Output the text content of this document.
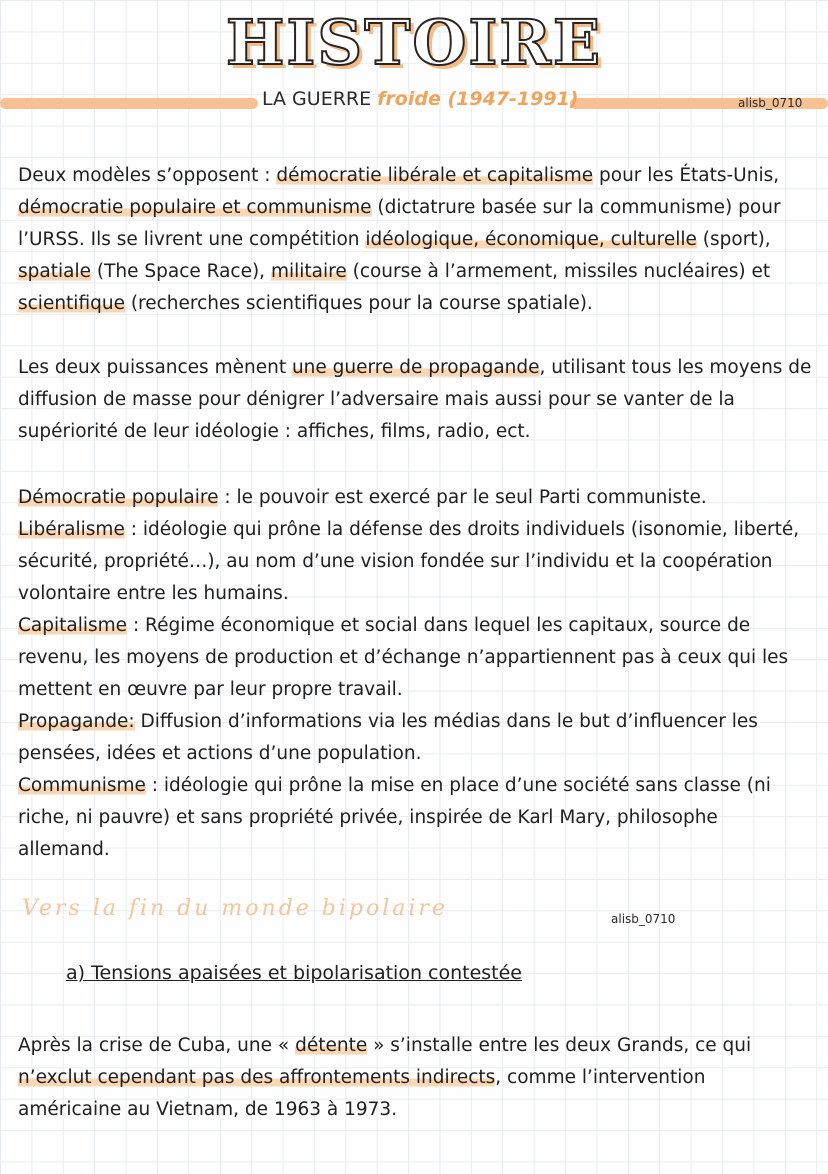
HISTOIRE
LA GUERRE froide (1947-1991)	alisb_0710

Deux modèles s’opposent : démocratie libérale et capitalisme pour les États-Unis, démocratie populaire et communisme (dictatrure basée sur la communisme) pour l’URSS. Ils se livrent une compétition idéologique, économique, culturelle (sport), spatiale (The Space Race), militaire (course à l’armement, missiles nucléaires) et scientifique (recherches scientifiques pour la course spatiale).

Les deux puissances mènent une guerre de propagande, utilisant tous les moyens de diffusion de masse pour dénigrer l’adversaire mais aussi pour se vanter de la supériorité de leur idéologie : affiches, films, radio, ect.

Démocratie populaire : le pouvoir est exercé par le seul Parti communiste.
Libéralisme : idéologie qui prône la défense des droits individuels (isonomie, liberté, sécurité, propriété…), au nom d’une vision fondée sur l’individu et la coopération volontaire entre les humains.
Capitalisme : Régime économique et social dans lequel les capitaux, source de revenu, les moyens de production et d’échange n’appartiennent pas à ceux qui les mettent en œuvre par leur propre travail.
Propagande: Diffusion d’informations via les médias dans le but d’influencer les pensées, idées et actions d’une population.
Communisme : idéologie qui prône la mise en place d’une société sans classe (ni riche, ni pauvre) et sans propriété privée, inspirée de Karl Mary, philosophe allemand.
Vers la fin du monde bipolaire	alisb_0710
a) Tensions apaisées et bipolarisation contestée

Après la crise de Cuba, une « détente » s’installe entre les deux Grands, ce qui n’exclut cependant pas des affrontements indirects, comme l’intervention américaine au Vietnam, de 1963 à 1973.
